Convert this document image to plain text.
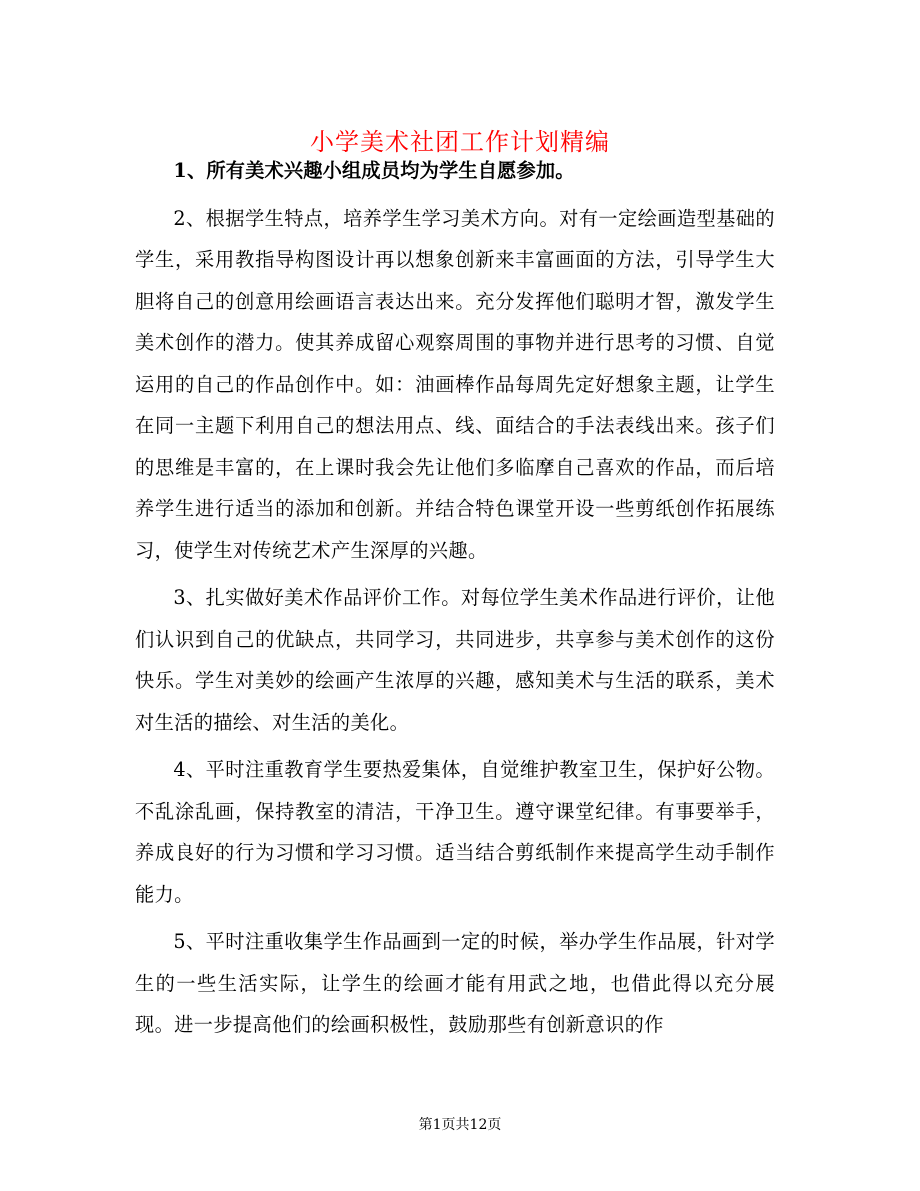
小学美术社团工作计划精编

1、所有美术兴趣小组成员均为学生自愿参加。

2、根据学生特点，培养学生学习美术方向。对有一定绘画造型基础的学生，采用教指导构图设计再以想象创新来丰富画面的方法，引导学生大胆将自己的创意用绘画语言表达出来。充分发挥他们聪明才智，激发学生美术创作的潜力。使其养成留心观察周围的事物并进行思考的习惯、自觉运用的自己的作品创作中。如：油画棒作品每周先定好想象主题，让学生在同一主题下利用自己的想法用点、线、面结合的手法表线出来。孩子们的思维是丰富的，在上课时我会先让他们多临摩自己喜欢的作品，而后培养学生进行适当的添加和创新。并结合特色课堂开设一些剪纸创作拓展练习，使学生对传统艺术产生深厚的兴趣。

3、扎实做好美术作品评价工作。对每位学生美术作品进行评价，让他们认识到自己的优缺点，共同学习，共同进步，共享参与美术创作的这份快乐。学生对美妙的绘画产生浓厚的兴趣，感知美术与生活的联系，美术对生活的描绘、对生活的美化。

4、平时注重教育学生要热爱集体，自觉维护教室卫生，保护好公物。不乱涂乱画，保持教室的清洁，干净卫生。遵守课堂纪律。有事要举手，养成良好的行为习惯和学习习惯。适当结合剪纸制作来提高学生动手制作能力。

5、平时注重收集学生作品画到一定的时候，举办学生作品展，针对学生的一些生活实际，让学生的绘画才能有用武之地，也借此得以充分展现。进一步提高他们的绘画积极性，鼓励那些有创新意识的作

第1页共12页
